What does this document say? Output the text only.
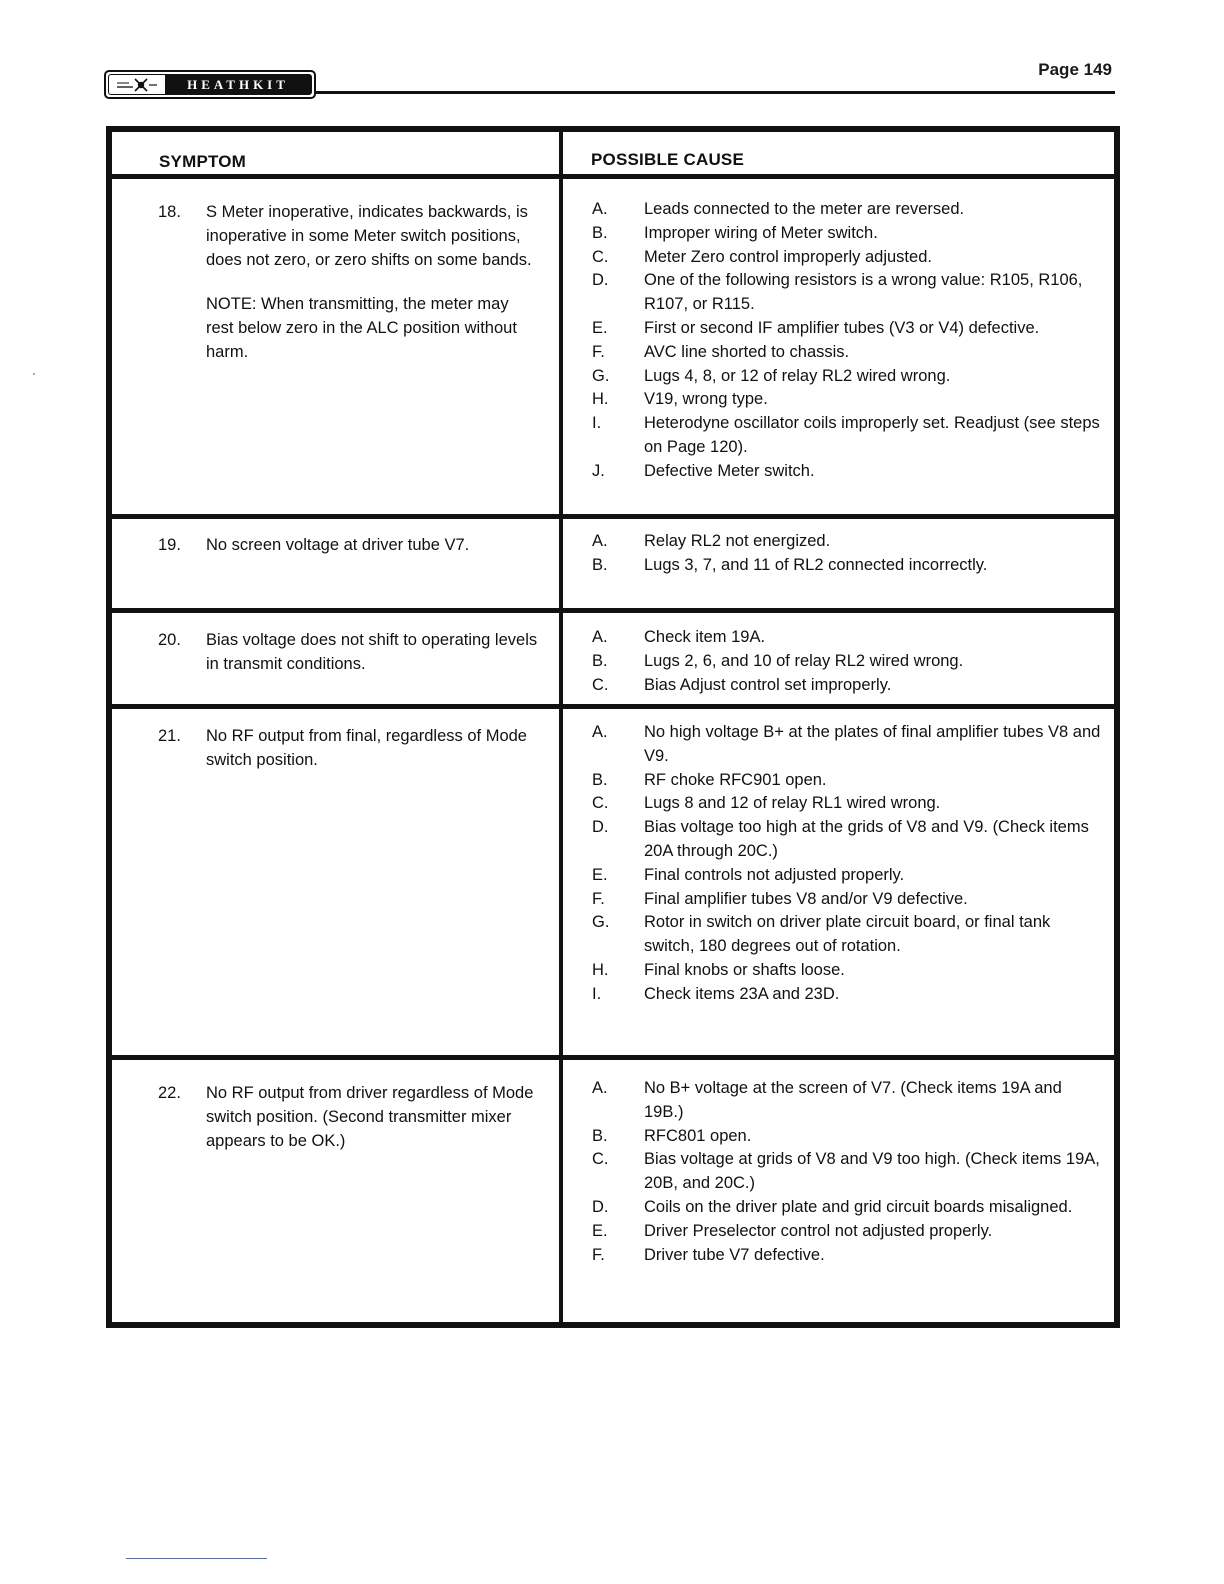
Page 149
HEATHKIT
SYMPTOM	POSSIBLE CAUSE
18.	S Meter inoperative, indicates backwards, is inoperative in some Meter switch positions, does not zero, or zero shifts on some bands.
NOTE: When transmitting, the meter may rest below zero in the ALC position without harm.
A.	Leads connected to the meter are reversed.
B.	Improper wiring of Meter switch.
C.	Meter Zero control improperly adjusted.
D.	One of the following resistors is a wrong value: R105, R106, R107, or R115.
E.	First or second IF amplifier tubes (V3 or V4) defective.
F.	AVC line shorted to chassis.
G.	Lugs 4, 8, or 12 of relay RL2 wired wrong.
H.	V19, wrong type.
I.	Heterodyne oscillator coils improperly set. Readjust (see steps on Page 120).
J.	Defective Meter switch.
19.	No screen voltage at driver tube V7.	A.	Relay RL2 not energized.
B.	Lugs 3, 7, and 11 of RL2 connected incorrectly.
20.	Bias voltage does not shift to operating levels in transmit conditions.
A.	Check item 19A.
B.	Lugs 2, 6, and 10 of relay RL2 wired wrong.
C.	Bias Adjust control set improperly.
21.	No RF output from final, regardless of Mode switch position.
A.	No high voltage B+ at the plates of final amplifier tubes V8 and V9.
B.	RF choke RFC901 open.
C.	Lugs 8 and 12 of relay RL1 wired wrong.
D.	Bias voltage too high at the grids of V8 and V9. (Check items 20A through 20C.)
E.	Final controls not adjusted properly.
F.	Final amplifier tubes V8 and/or V9 defective.
G.	Rotor in switch on driver plate circuit board, or final tank switch, 180 degrees out of rotation.
H.	Final knobs or shafts loose.
I.	Check items 23A and 23D.
22.	No RF output from driver regardless of Mode switch position. (Second transmitter mixer appears to be OK.)
A.	No B+ voltage at the screen of V7. (Check items 19A and 19B.)
B.	RFC801 open.
C.	Bias voltage at grids of V8 and V9 too high. (Check items 19A, 20B, and 20C.)
D.	Coils on the driver plate and grid circuit boards misaligned.
E.	Driver Preselector control not adjusted properly.
F.	Driver tube V7 defective.
